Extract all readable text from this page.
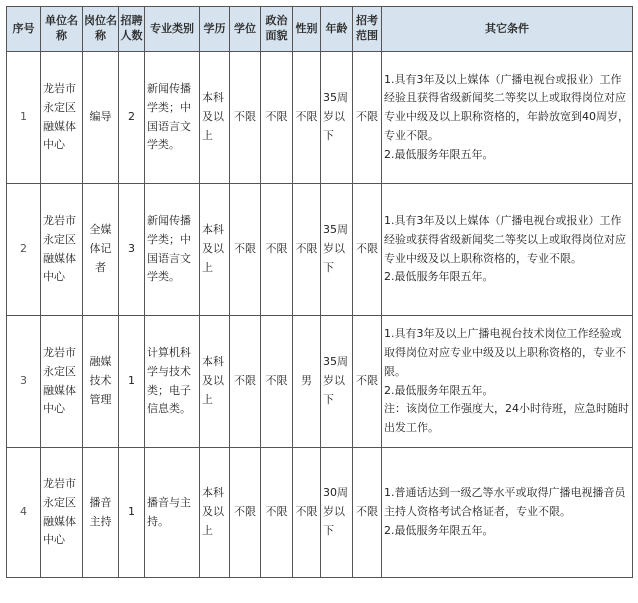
序号	单位名称	岗位名称	招聘人数	专业类别	学历	学位	政治面貌	性别	年龄	招考范围	其它条件
1	龙岩市永定区融媒体中心	编导	2	新闻传播学类；中国语言文学类。	本科及以上	不限	不限	不限	35周岁以下	不限	1.具有3年及以上媒体（广播电视台或报业）工作经验且获得省级新闻奖二等奖以上或取得岗位对应专业中级及以上职称资格的，年龄放宽到40周岁，专业不限。
2.最低服务年限五年。
2	龙岩市永定区融媒体中心	全媒体记者	3	新闻传播学类；中国语言文学类。	本科及以上	不限	不限	不限	35周岁以下	不限	1.具有3年及以上媒体（广播电视台或报业）工作经验或获得省级新闻奖二等奖以上或取得岗位对应专业中级及以上职称资格的，专业不限。
2.最低服务年限五年。
3	龙岩市永定区融媒体中心	融媒技术管理	1	计算机科学与技术类；电子信息类。	本科及以上	不限	不限	男	35周岁以下	不限	1.具有3年及以上广播电视台技术岗位工作经验或取得岗位对应专业中级及以上职称资格的，专业不限。
2.最低服务年限五年。
注：该岗位工作强度大，24小时待班，应急时随时出发工作。
4	龙岩市永定区融媒体中心	播音主持	1	播音与主持。	本科及以上	不限	不限	不限	30周岁以下	不限	1.普通话达到一级乙等水平或取得广播电视播音员主持人资格考试合格证者，专业不限。
2.最低服务年限五年。
